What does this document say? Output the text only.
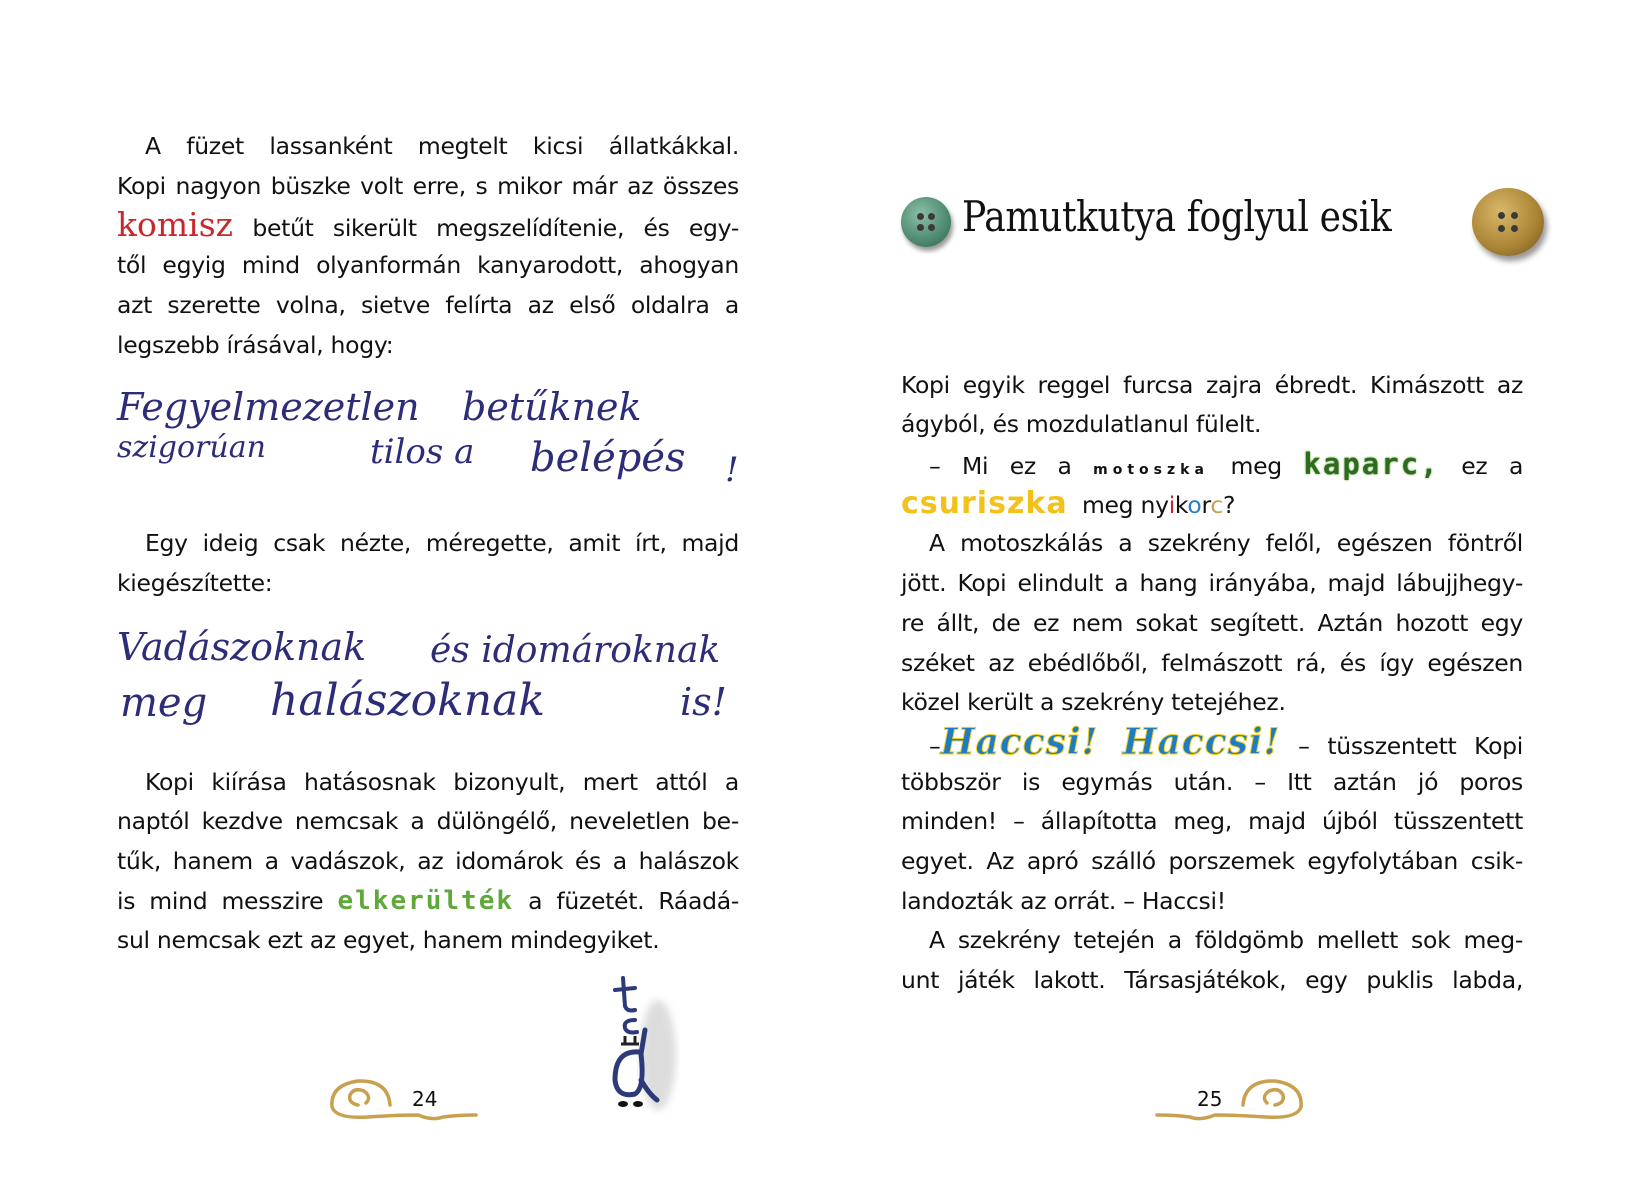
A füzet lassanként megtelt kicsi állatkákkal.
Kopi nagyon büszke volt erre, s mikor már az összes
komisz betűt sikerült megszelídítenie, és egy-
től egyig mind olyanformán kanyarodott, ahogyan
azt szerette volna, sietve felírta az első oldalra a
legszebb írásával, hogy:
Fegyelmezetlen betűknek
szigorúan	tilos a belépés !
Egy ideig csak nézte, méregette, amit írt, majd
kiegészítette:
Vadászoknak és idomároknak
meg halászoknak	is!
Kopi kiírása hatásosnak bizonyult, mert attól a
naptól kezdve nemcsak a dülöngélő, neveletlen be-
tűk, hanem a vadászok, az idomárok és a halászok
is mind messzire elkerülték a füzetét. Ráadá-
sul nemcsak ezt az egyet, hanem mindegyiket.
24
Pamutkutya foglyul esik
Kopi egyik reggel furcsa zajra ébredt. Kimászott az
ágyból, és mozdulatlanul fülelt.
– Mi ez a motoszka meg kaparc, ez a
csuriszka meg nyikorc?
A motoszkálás a szekrény felől, egészen föntről
jött. Kopi elindult a hang irányába, majd lábujjhegy-
re állt, de ez nem sokat segített. Aztán hozott egy
széket az ebédlőből, felmászott rá, és így egészen
közel került a szekrény tetejéhez.
–Haccsi! Haccsi! – tüsszentett Kopi
többször is egymás után. – Itt aztán jó poros
minden! – állapította meg, majd újból tüsszentett
egyet. Az apró szálló porszemek egyfolytában csik-
landozták az orrát. – Haccsi!
A szekrény tetején a földgömb mellett sok meg-
unt játék lakott. Társasjátékok, egy puklis labda,
25
